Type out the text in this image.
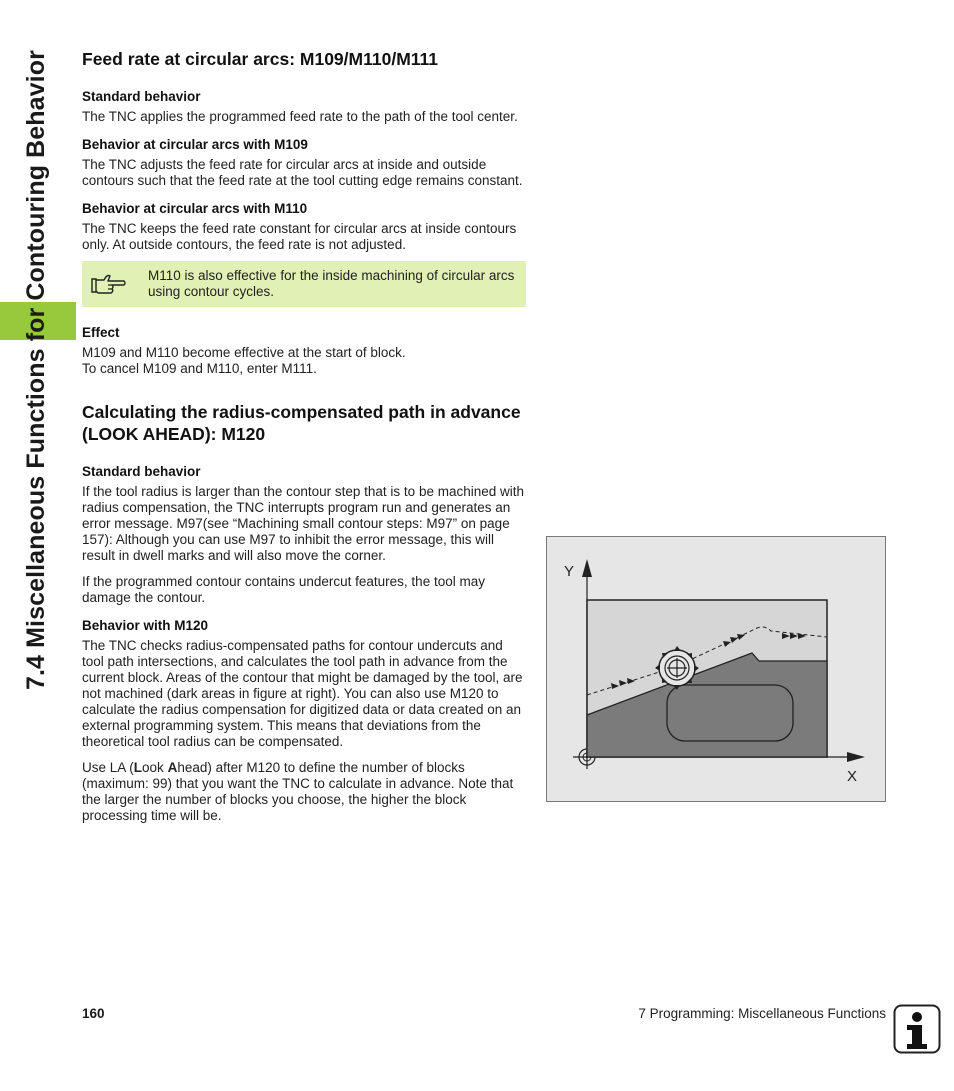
7.4 Miscellaneous Functions for Contouring Behavior Feed rate at circular arcs: M109/M110/M111
Standard behavior

The TNC applies the programmed feed rate to the path of the tool center.

Behavior at circular arcs with M109

The TNC adjusts the feed rate for circular arcs at inside and outside contours such that the feed rate at the tool cutting edge remains constant.

Behavior at circular arcs with M110

The TNC keeps the feed rate constant for circular arcs at inside contours only. At outside contours, the feed rate is not adjusted.

M110 is also effective for the inside machining of circular arcs using contour cycles.
Effect

M109 and M110 become effective at the start of block.
To cancel M109 and M110, enter M111.

Calculating the radius-compensated path in advance (LOOK AHEAD): M120
Standard behavior

If the tool radius is larger than the contour step that is to be machined with radius compensation, the TNC interrupts program run and generates an error message. M97(see “Machining small contour steps: M97” on page 157): Although you can use M97 to inhibit the error message, this will result in dwell marks and will also move the corner.

If the programmed contour contains undercut features, the tool may damage the contour.

Behavior with M120

The TNC checks radius-compensated paths for contour undercuts and tool path intersections, and calculates the tool path in advance from the current block. Areas of the contour that might be damaged by the tool, are not machined (dark areas in figure at right). You can also use M120 to calculate the radius compensation for digitized data or data created on an external programming system. This means that deviations from the theoretical tool radius can be compensated.

Use LA (Look Ahead) after M120 to define the number of blocks (maximum: 99) that you want the TNC to calculate in advance. Note that the larger the number of blocks you choose, the higher the block processing time will be.

Y
X
160	7 Programming: Miscellaneous Functions
